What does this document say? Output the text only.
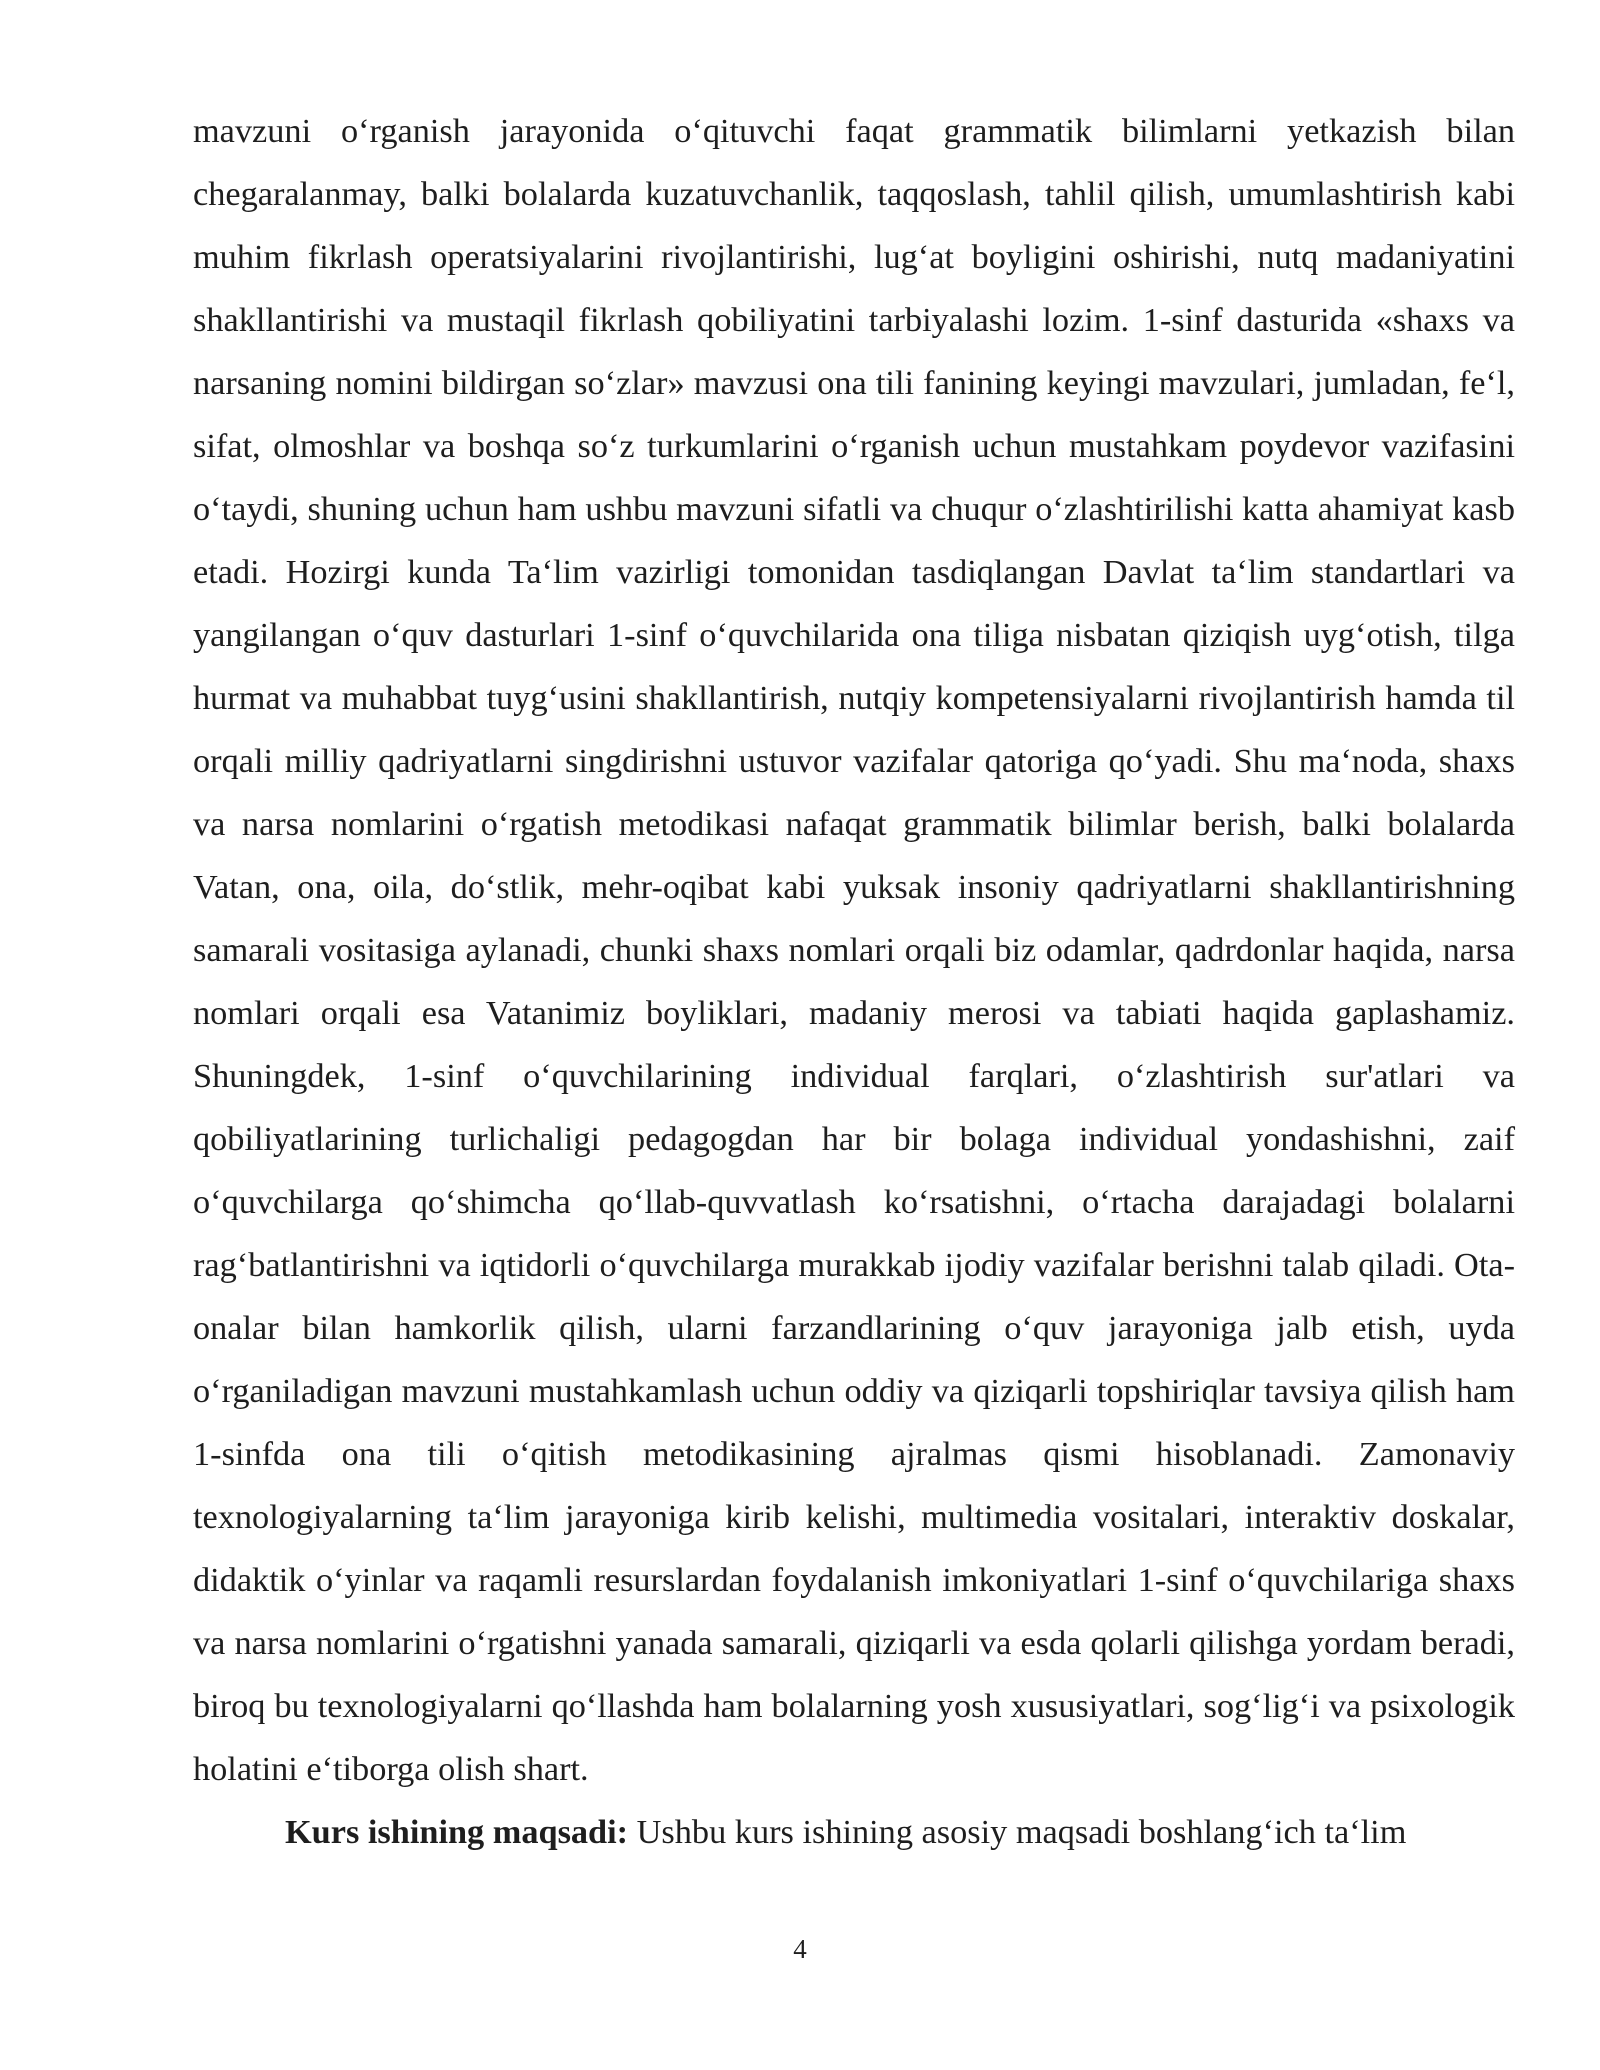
mavzuni o‘rganish jarayonida o‘qituvchi faqat grammatik bilimlarni yetkazish bilan chegaralanmay, balki bolalarda kuzatuvchanlik, taqqoslash, tahlil qilish, umumlashtirish kabi muhim fikrlash operatsiyalarini rivojlantirishi, lug‘at boyligini oshirishi, nutq madaniyatini shakllantirishi va mustaqil fikrlash qobiliyatini tarbiyalashi lozim. 1-sinf dasturida «shaxs va narsaning nomini bildirgan so‘zlar» mavzusi ona tili fanining keyingi mavzulari, jumladan, fe‘l, sifat, olmoshlar va boshqa so‘z turkumlarini o‘rganish uchun mustahkam poydevor vazifasini o‘taydi, shuning uchun ham ushbu mavzuni sifatli va chuqur o‘zlashtirilishi katta ahamiyat kasb etadi. Hozirgi kunda Ta‘lim vazirligi tomonidan tasdiqlangan Davlat ta‘lim standartlari va yangilangan o‘quv dasturlari 1-sinf o‘quvchilarida ona tiliga nisbatan qiziqish uyg‘otish, tilga hurmat va muhabbat tuyg‘usini shakllantirish, nutqiy kompetensiyalarni rivojlantirish hamda til orqali milliy qadriyatlarni singdirishni ustuvor vazifalar qatoriga qo‘yadi. Shu ma‘noda, shaxs va narsa nomlarini o‘rgatish metodikasi nafaqat grammatik bilimlar berish, balki bolalarda Vatan, ona, oila, do‘stlik, mehr-oqibat kabi yuksak insoniy qadriyatlarni shakllantirishning samarali vositasiga aylanadi, chunki shaxs nomlari orqali biz odamlar, qadrdonlar haqida, narsa nomlari orqali esa Vatanimiz boyliklari, madaniy merosi va tabiati haqida gaplashamiz. Shuningdek, 1-sinf o‘quvchilarining individual farqlari, o‘zlashtirish sur'atlari va qobiliyatlarining turlichaligi pedagogdan har bir bolaga individual yondashishni, zaif o‘quvchilarga qo‘shimcha qo‘llab-quvvatlash ko‘rsatishni, o‘rtacha darajadagi bolalarni rag‘batlantirishni va iqtidorli o‘quvchilarga murakkab ijodiy vazifalar berishni talab qiladi. Ota-onalar bilan hamkorlik qilish, ularni farzandlarining o‘quv jarayoniga jalb etish, uyda o‘rganiladigan mavzuni mustahkamlash uchun oddiy va qiziqarli topshiriqlar tavsiya qilish ham 1-sinfda ona tili o‘qitish metodikasining ajralmas qismi hisoblanadi. Zamonaviy texnologiyalarning ta‘lim jarayoniga kirib kelishi, multimedia vositalari, interaktiv doskalar, didaktik o‘yinlar va raqamli resurslardan foydalanish imkoniyatlari 1-sinf o‘quvchilariga shaxs va narsa nomlarini o‘rgatishni yanada samarali, qiziqarli va esda qolarli qilishga yordam beradi, biroq bu texnologiyalarni qo‘llashda ham bolalarning yosh xususiyatlari, sog‘lig‘i va psixologik holatini e‘tiborga olish shart.

Kurs ishining maqsadi: Ushbu kurs ishining asosiy maqsadi boshlang‘ich ta‘lim

4
